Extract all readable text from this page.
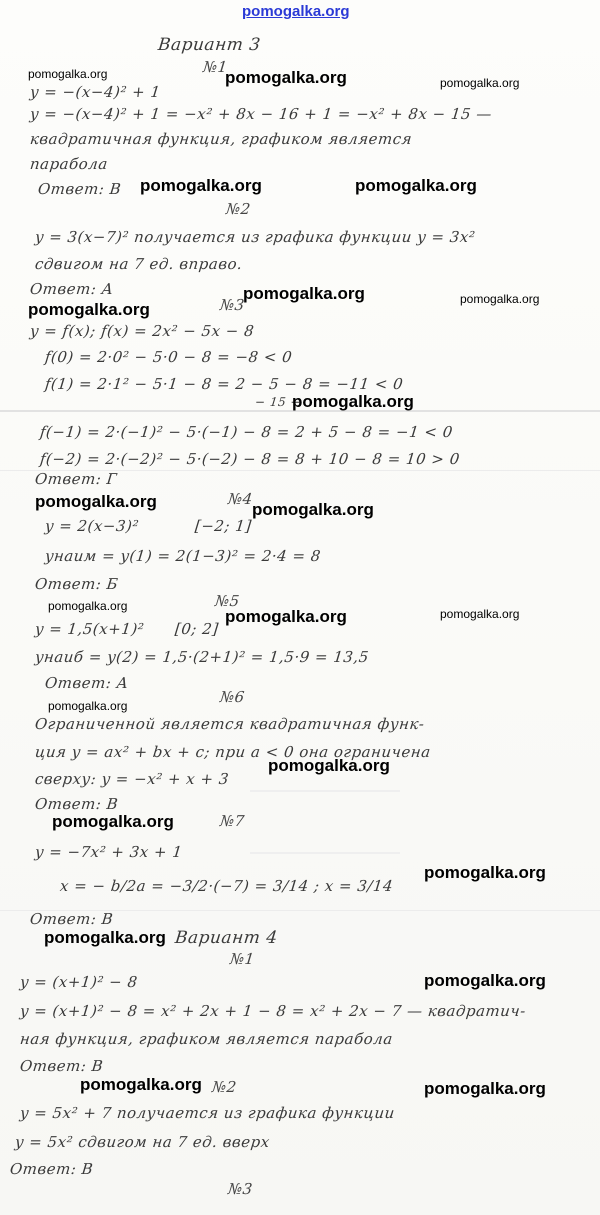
pomogalka.org
Вариант 3
№1
y = −(x−4)² + 1
y = −(x−4)² + 1 = −x² + 8x − 16 + 1 = −x² + 8x − 15 —
квадратичная функция, графиком является
парабола
Ответ: В
№2
y = 3(x−7)² получается из графика функции y = 3x²
сдвигом на 7 ед. вправо.
Ответ: А
№3
y = f(x); f(x) = 2x² − 5x − 8
f(0) = 2·0² − 5·0 − 8 = −8 < 0
f(1) = 2·1² − 5·1 − 8 = 2 − 5 − 8 = −11 < 0
− 15 −
f(−1) = 2·(−1)² − 5·(−1) − 8 = 2 + 5 − 8 = −1 < 0
f(−2) = 2·(−2)² − 5·(−2) − 8 = 8 + 10 − 8 = 10 > 0
Ответ: Г
№4
y = 2(x−3)²	[−2; 1]
yнаим = y(1) = 2(1−3)² = 2·4 = 8
Ответ: Б
№5
y = 1,5(x+1)² [0; 2]
yнаиб = y(2) = 1,5·(2+1)² = 1,5·9 = 13,5
Ответ: А
№6
Ограниченной является квадратичная функ-
ция y = ax² + bx + c; при a < 0 она ограничена
сверху: y = −x² + x + 3
Ответ: В
№7
y = −7x² + 3x + 1
x = − b/2a = −3/2·(−7) = 3/14 ; x = 3/14
Ответ: В
Вариант 4
№1
y = (x+1)² − 8
y = (x+1)² − 8 = x² + 2x + 1 − 8 = x² + 2x − 7 — квадратич-
ная функция, графиком является парабола
Ответ: В
№2
y = 5x² + 7 получается из графика функции
y = 5x² сдвигом на 7 ед. вверх
Ответ: В
№3
pomogalka.org	pomogalka.org	pomogalka.org
pomogalka.org	pomogalka.org
pomogalka.org	pomogalka.org
pomogalka.org
pomogalka.org
pomogalka.org	pomogalka.org
pomogalka.org
pomogalka.org	pomogalka.org
pomogalka.org
pomogalka.org
pomogalka.org
pomogalka.org
pomogalka.org
pomogalka.org
pomogalka.org	pomogalka.org
